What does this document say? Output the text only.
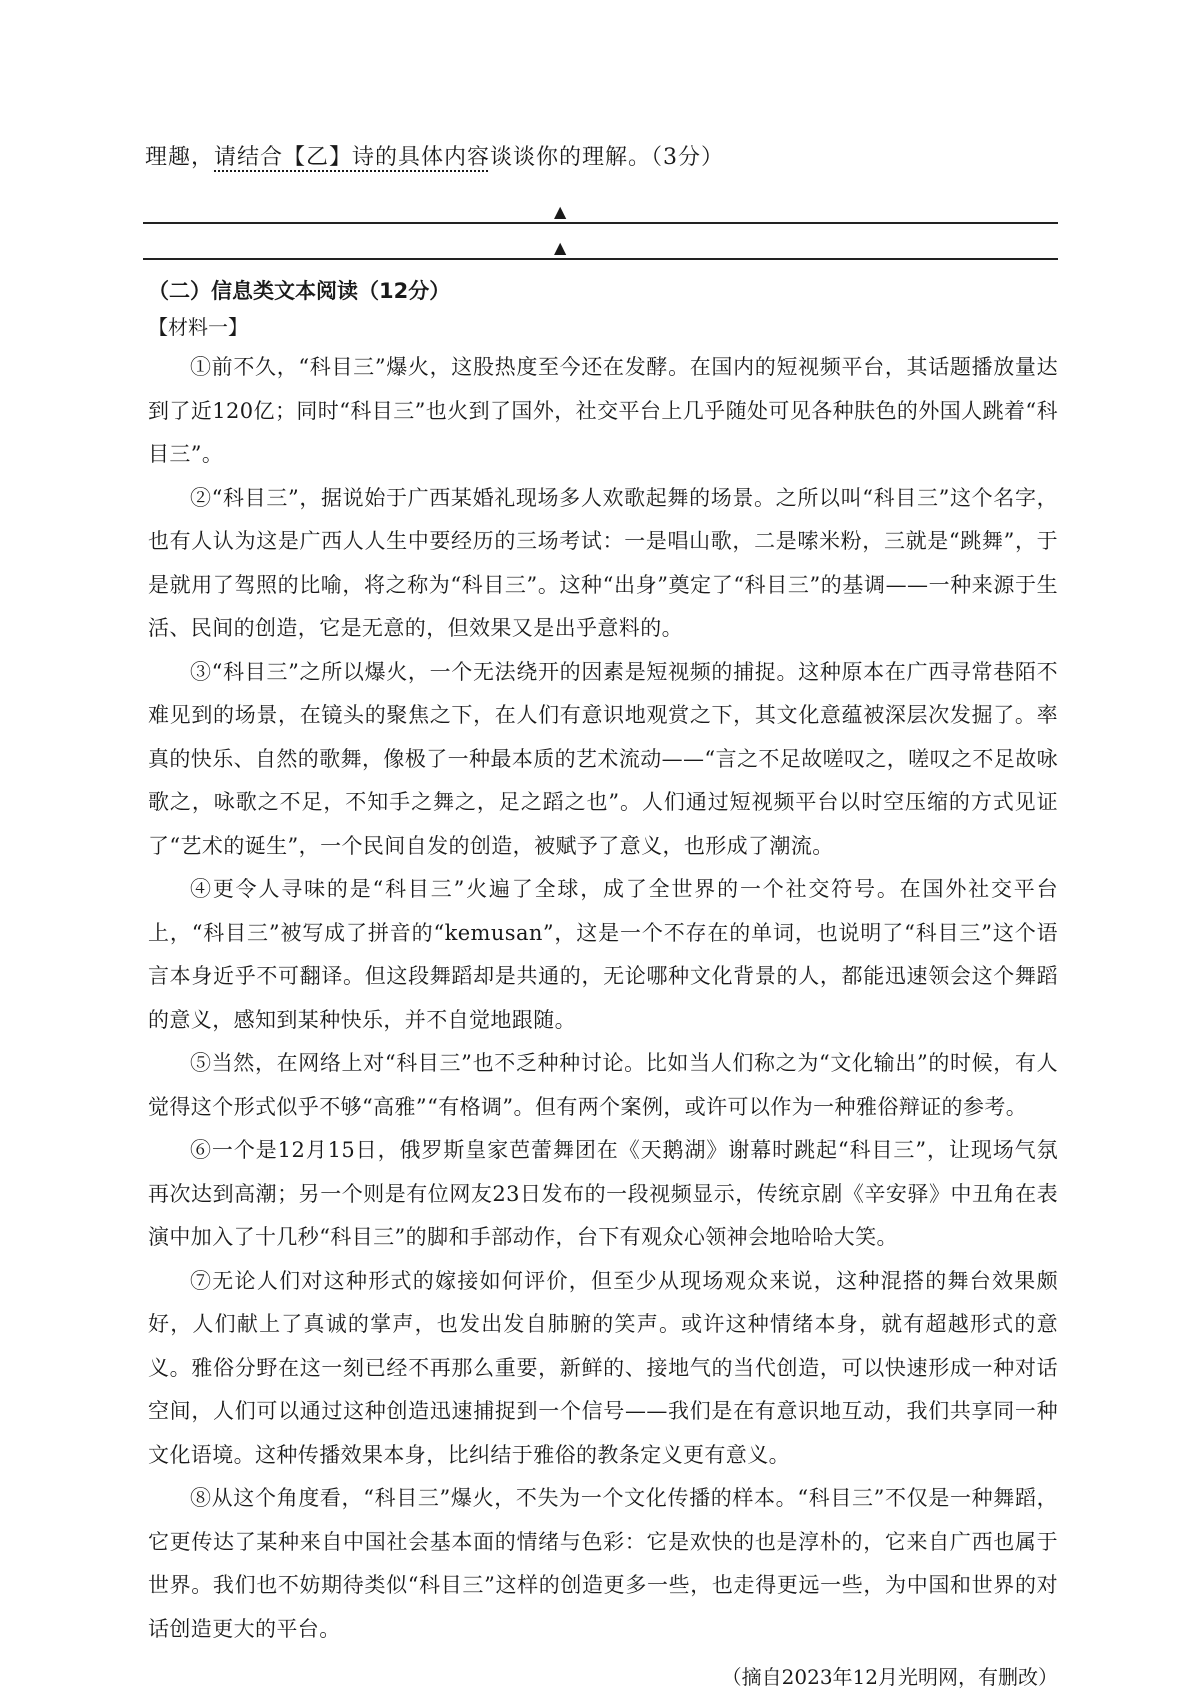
理趣，请结合【乙】诗的具体内容谈谈你的理解。（3分）
▲
▲
（二）信息类文本阅读（12分）
【材料一】

①前不久，“科目三”爆火，这股热度至今还在发酵。在国内的短视频平台，其话题播放量达到了近120亿；同时“科目三”也火到了国外，社交平台上几乎随处可见各种肤色的外国人跳着“科目三”。

②“科目三”，据说始于广西某婚礼现场多人欢歌起舞的场景。之所以叫“科目三”这个名字，也有人认为这是广西人人生中要经历的三场考试：一是唱山歌，二是嗦米粉，三就是“跳舞”，于是就用了驾照的比喻，将之称为“科目三”。这种“出身”奠定了“科目三”的基调——一种来源于生活、民间的创造，它是无意的，但效果又是出乎意料的。

③“科目三”之所以爆火，一个无法绕开的因素是短视频的捕捉。这种原本在广西寻常巷陌不难见到的场景，在镜头的聚焦之下，在人们有意识地观赏之下，其文化意蕴被深层次发掘了。率真的快乐、自然的歌舞，像极了一种最本质的艺术流动——“言之不足故嗟叹之，嗟叹之不足故咏歌之，咏歌之不足，不知手之舞之，足之蹈之也”。人们通过短视频平台以时空压缩的方式见证了“艺术的诞生”，一个民间自发的创造，被赋予了意义，也形成了潮流。

④更令人寻味的是“科目三”火遍了全球，成了全世界的一个社交符号。在国外社交平台上，“科目三”被写成了拼音的“kemusan”，这是一个不存在的单词，也说明了“科目三”这个语言本身近乎不可翻译。但这段舞蹈却是共通的，无论哪种文化背景的人，都能迅速领会这个舞蹈的意义，感知到某种快乐，并不自觉地跟随。

⑤当然，在网络上对“科目三”也不乏种种讨论。比如当人们称之为“文化输出”的时候，有人觉得这个形式似乎不够“高雅”“有格调”。但有两个案例，或许可以作为一种雅俗辩证的参考。

⑥一个是12月15日，俄罗斯皇家芭蕾舞团在《天鹅湖》谢幕时跳起“科目三”，让现场气氛再次达到高潮；另一个则是有位网友23日发布的一段视频显示，传统京剧《辛安驿》中丑角在表演中加入了十几秒“科目三”的脚和手部动作，台下有观众心领神会地哈哈大笑。

⑦无论人们对这种形式的嫁接如何评价，但至少从现场观众来说，这种混搭的舞台效果颇好，人们献上了真诚的掌声，也发出发自肺腑的笑声。或许这种情绪本身，就有超越形式的意义。雅俗分野在这一刻已经不再那么重要，新鲜的、接地气的当代创造，可以快速形成一种对话空间，人们可以通过这种创造迅速捕捉到一个信号——我们是在有意识地互动，我们共享同一种文化语境。这种传播效果本身，比纠结于雅俗的教条定义更有意义。

⑧从这个角度看，“科目三”爆火，不失为一个文化传播的样本。“科目三”不仅是一种舞蹈，它更传达了某种来自中国社会基本面的情绪与色彩：它是欢快的也是淳朴的，它来自广西也属于世界。我们也不妨期待类似“科目三”这样的创造更多一些，也走得更远一些，为中国和世界的对话创造更大的平台。

（摘自2023年12月光明网，有删改）
